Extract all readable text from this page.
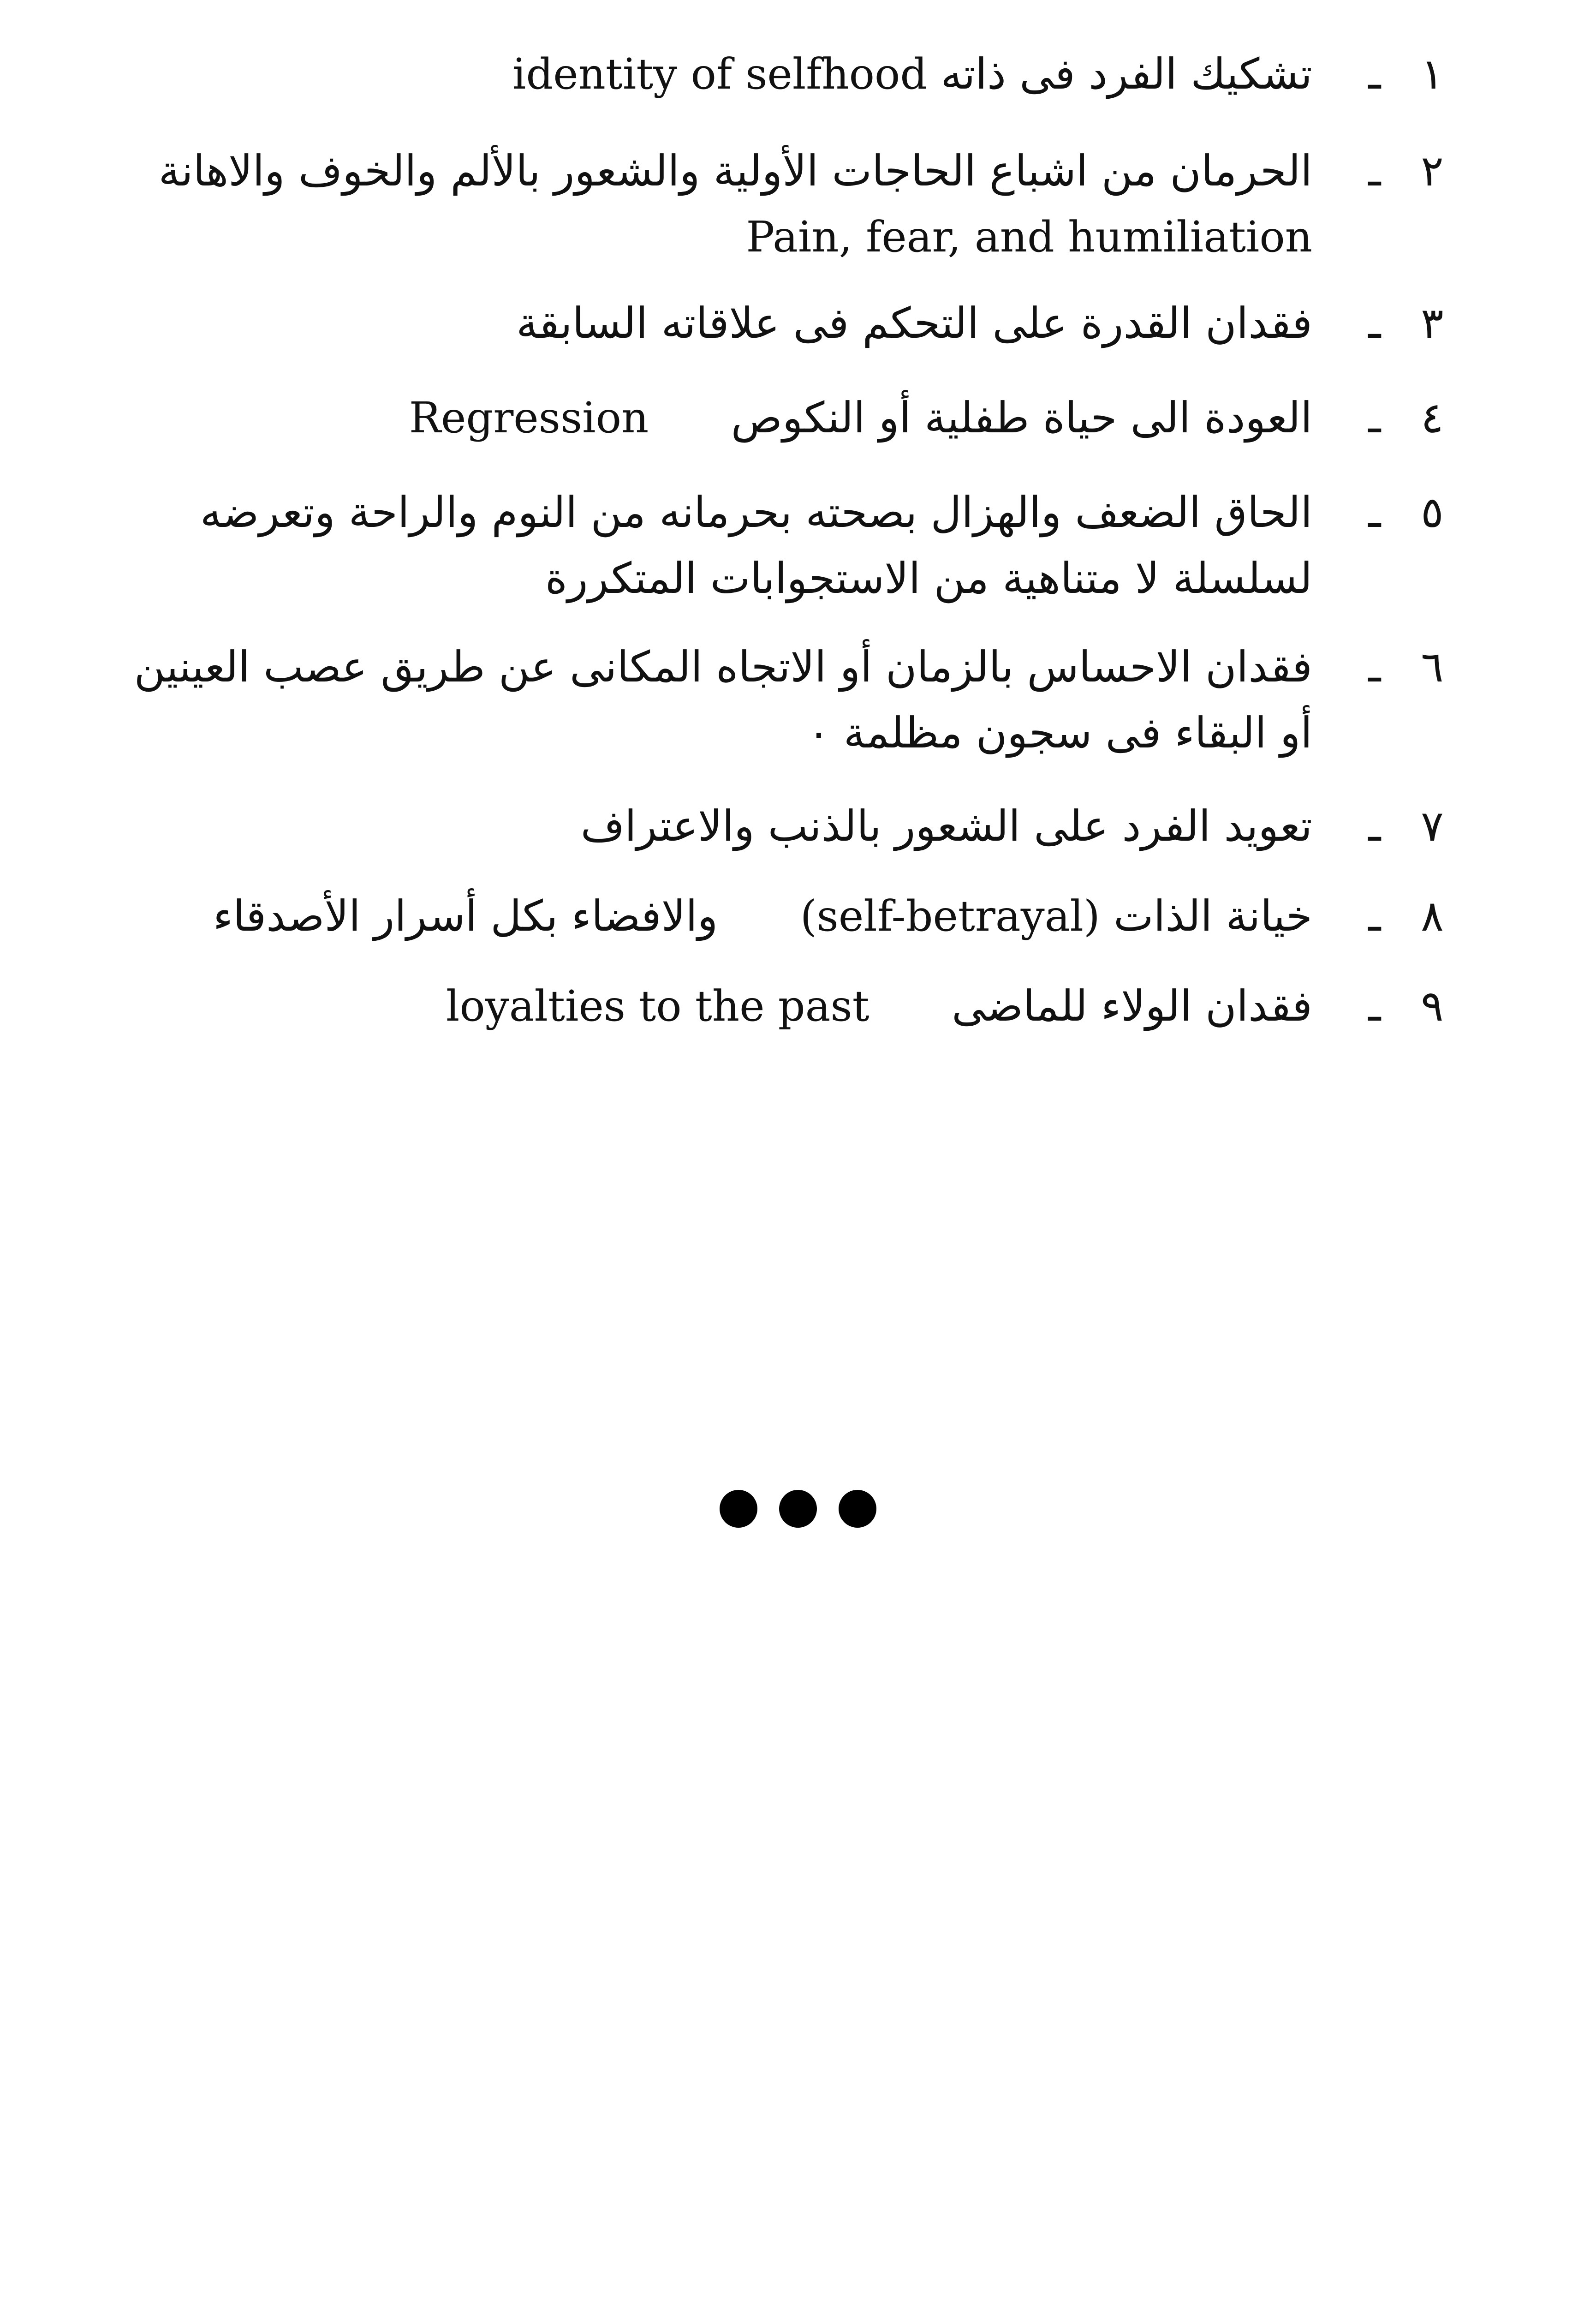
١
ـ
تشكيك الفرد فى ذاته identity of selfhood
٢
ـ
الحرمان من اشباع الحاجات الأولية والشعور بالألم والخوف والاهانة
Pain, fear, and humiliation
٣
ـ
فقدان القدرة على التحكم فى علاقاته السابقة
٤
ـ
العودة الى حياة طفلية أو النكوص  Regression
٥
ـ
الحاق الضعف والهزال بصحته بحرمانه من النوم والراحة وتعرضه لسلسلة لا متناهية من الاستجوابات المتكررة
٦
ـ
فقدان الاحساس بالزمان أو الاتجاه المكانى عن طريق عصب العينين أو البقاء فى سجون مظلمة ٠
٧
ـ
تعويد الفرد على الشعور بالذنب والاعتراف
٨
ـ
خيانة الذات (self-betrayal)  والافضاء بكل أسرار الأصدقاء
٩
ـ
فقدان الولاء للماضى  loyalties to the past
